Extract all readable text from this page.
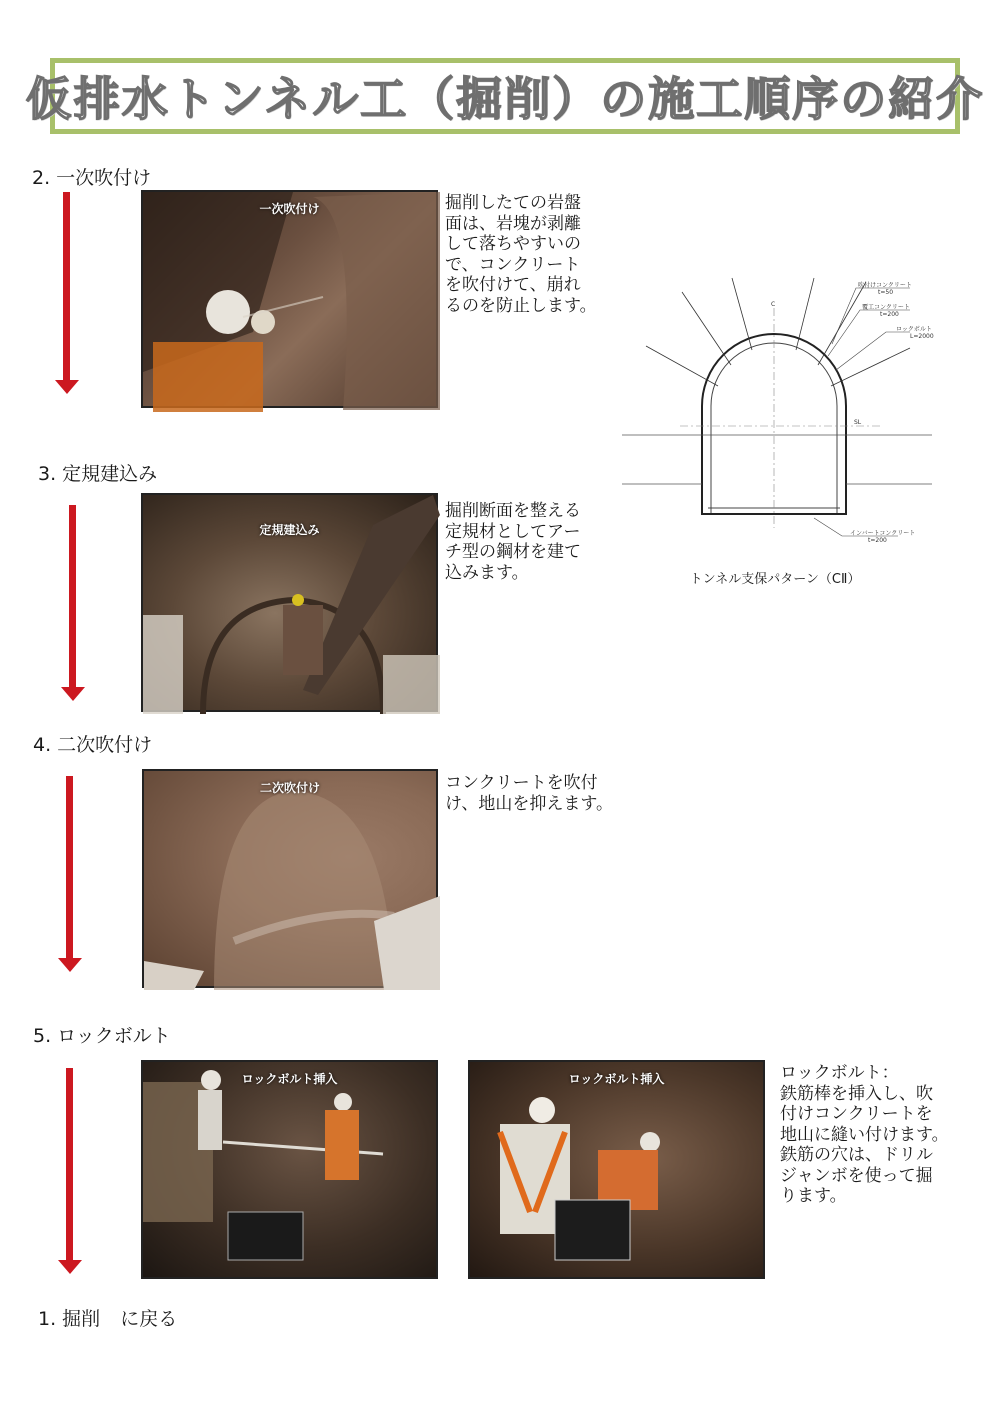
仮排水トンネル工（掘削）の施工順序の紹介
2. 一次吹付け
一次吹付け	掘削したての岩盤
面は、岩塊が剥離
して落ちやすいの
で、コンクリート
を吹付けて、崩れ
るのを防止します。
3. 定規建込み
定規建込み
掘削断面を整える
定規材としてアー
チ型の鋼材を建て
込みます。
4. 二次吹付け
二次吹付け	コンクリートを吹付
け、地山を抑えます。
5. ロックボルト
ロックボルト挿入	ロックボルト挿入	ロックボルト：
鉄筋棒を挿入し、吹
付けコンクリートを
地山に縫い付けます。
鉄筋の穴は、ドリル
ジャンボを使って掘
ります。
吹付けコンクリート
t=50
覆工コンクリート
t=200
ロックボルト
L=2000
インバートコンクリート
t=200
SL
C
トンネル支保パターン（CⅡ）
1. 掘削 に戻る
